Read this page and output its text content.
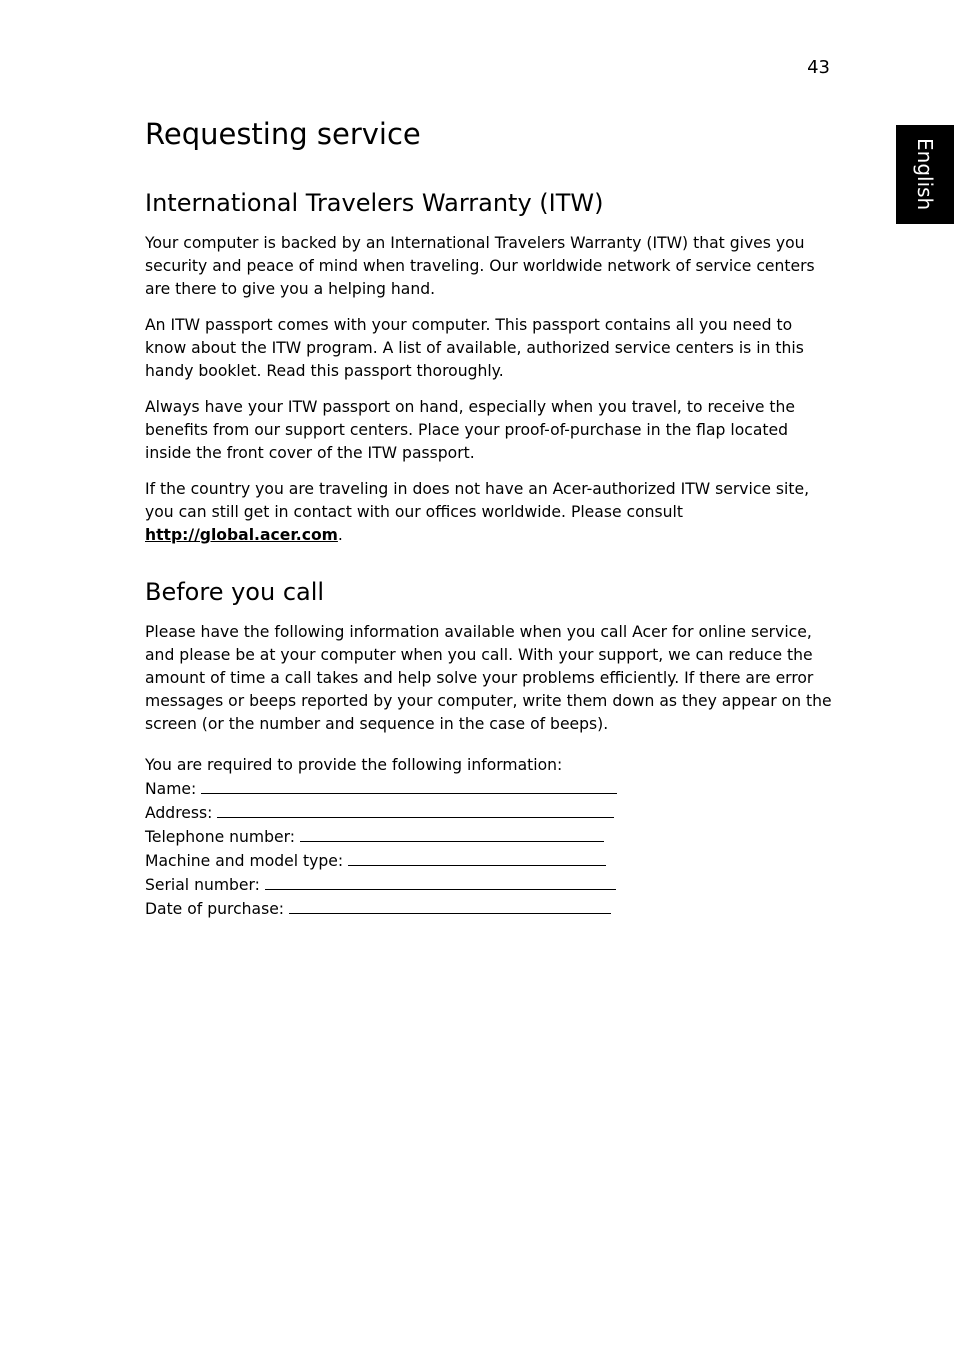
43
English
Requesting service
International Travelers Warranty (ITW)

Your computer is backed by an International Travelers Warranty (ITW) that gives you security and peace of mind when traveling. Our worldwide network of service centers are there to give you a helping hand.

An ITW passport comes with your computer. This passport contains all you need to know about the ITW program. A list of available, authorized service centers is in this handy booklet. Read this passport thoroughly.

Always have your ITW passport on hand, especially when you travel, to receive the benefits from our support centers. Place your proof-of-purchase in the flap located inside the front cover of the ITW passport.

If the country you are traveling in does not have an Acer-authorized ITW service site, you can still get in contact with our offices worldwide. Please consult
http://global.acer.com.

Before you call

Please have the following information available when you call Acer for online service, and please be at your computer when you call. With your support, we can reduce the amount of time a call takes and help solve your problems efficiently. If there are error messages or beeps reported by your computer, write them down as they appear on the screen (or the number and sequence in the case of beeps).

You are required to provide the following information:
Name:
Address:
Telephone number:
Machine and model type:
Serial number:
Date of purchase:
